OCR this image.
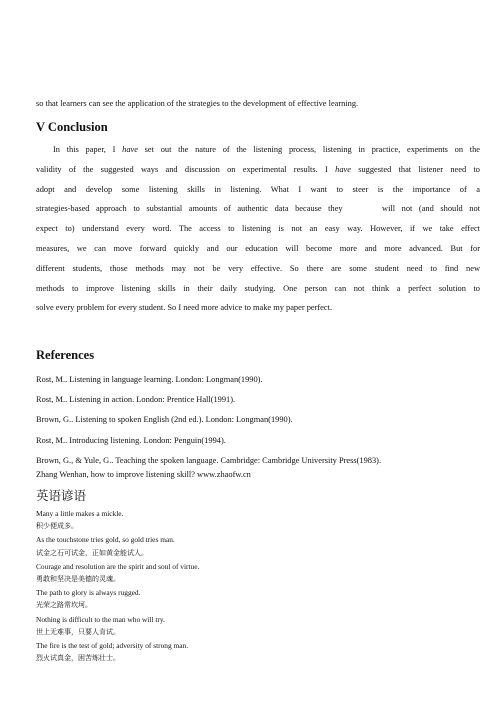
so that learners can see the application of the strategies to the development of effective learning.
V Conclusion
In this paper, I have set out the nature of the listening process, listening in practice, experiments on the
validity of the suggested ways and discussion on experimental results. I have suggested that listener need to
adopt and develop some listening skills in listening. What I want to steer is the importance of a
strategies-based approach to substantial amounts of authentic data because they      will not (and should not
expect to) understand every word. The access to listening is not an easy way. However, if we take effect
measures, we can move forward quickly and our education will become more and more advanced. But for
different students, those methods may not be very effective. So there are some student need to find new
methods to improve listening skills in their daily studying. One person can not think a perfect solution to
solve every problem for every student. So I need more advice to make my paper perfect.
References
Rost, M.. Listening in language learning. London: Longman(1990).
Rost, M.. Listening in action. London: Prentice Hall(1991).
Brown, G.. Listening to spoken English (2nd ed.). London: Longman(1990).
Rost, M.. Introducing listening. London: Penguin(1994).
Brown, G., & Yule, G.. Teaching the spoken language. Cambridge: Cambridge University Press(1983).
Zhang Wenhan, how to improve listening skill? www.zhaofw.cn
英语谚语
Many a little makes a mickle.
积少便成多。
As the touchstone tries gold, so gold tries man.
试金之石可试金，正如黄金能试人。
Courage and resolution are the spirit and soul of virtue.
勇敢和坚决是美德的灵魂。
The path to glory is always rugged.
光荣之路常坎坷。
Nothing is difficult to the man who will try.
世上无难事，只要人肯试。
The fire is the test of gold; adversity of strong man.
烈火试真金，困苦炼壮士。
